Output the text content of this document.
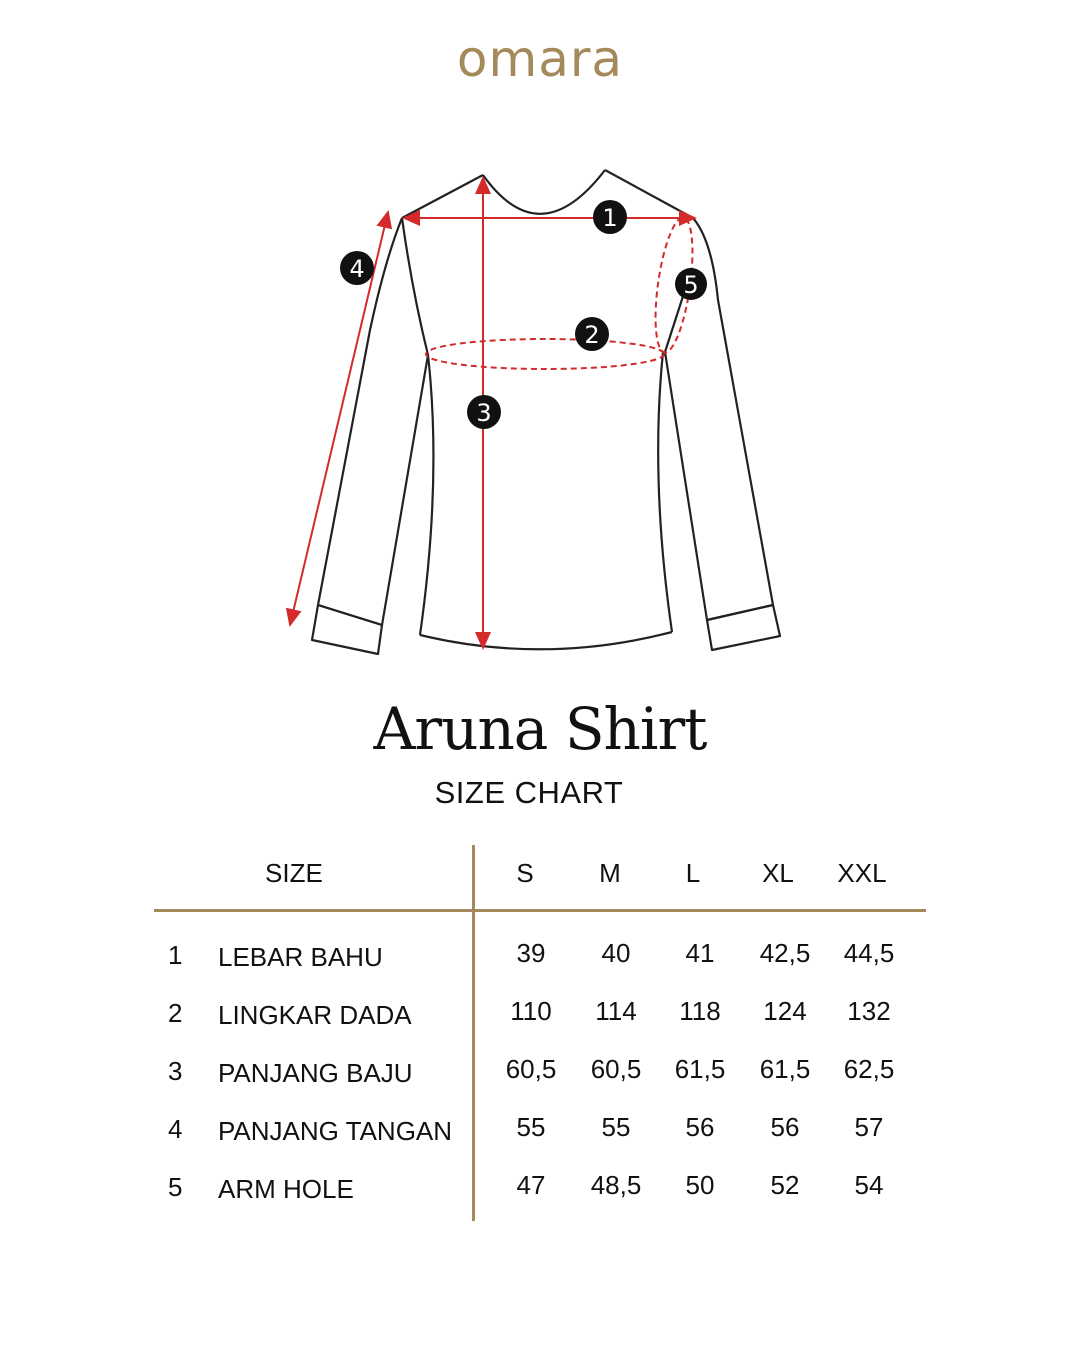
omara
1
2
3
4
5
Aruna Shirt
SIZE CHART
SIZE	S	M	L	XL	XXL
1 LEBAR BAHU	39	40	41	42,5	44,5
2 LINGKAR DADA	110	114	118	124	132
3 PANJANG BAJU	60,5	60,5	61,5	61,5	62,5
4 PANJANG TANGAN	55	55	56	56	57
5 ARM HOLE	47	48,5	50	52	54
